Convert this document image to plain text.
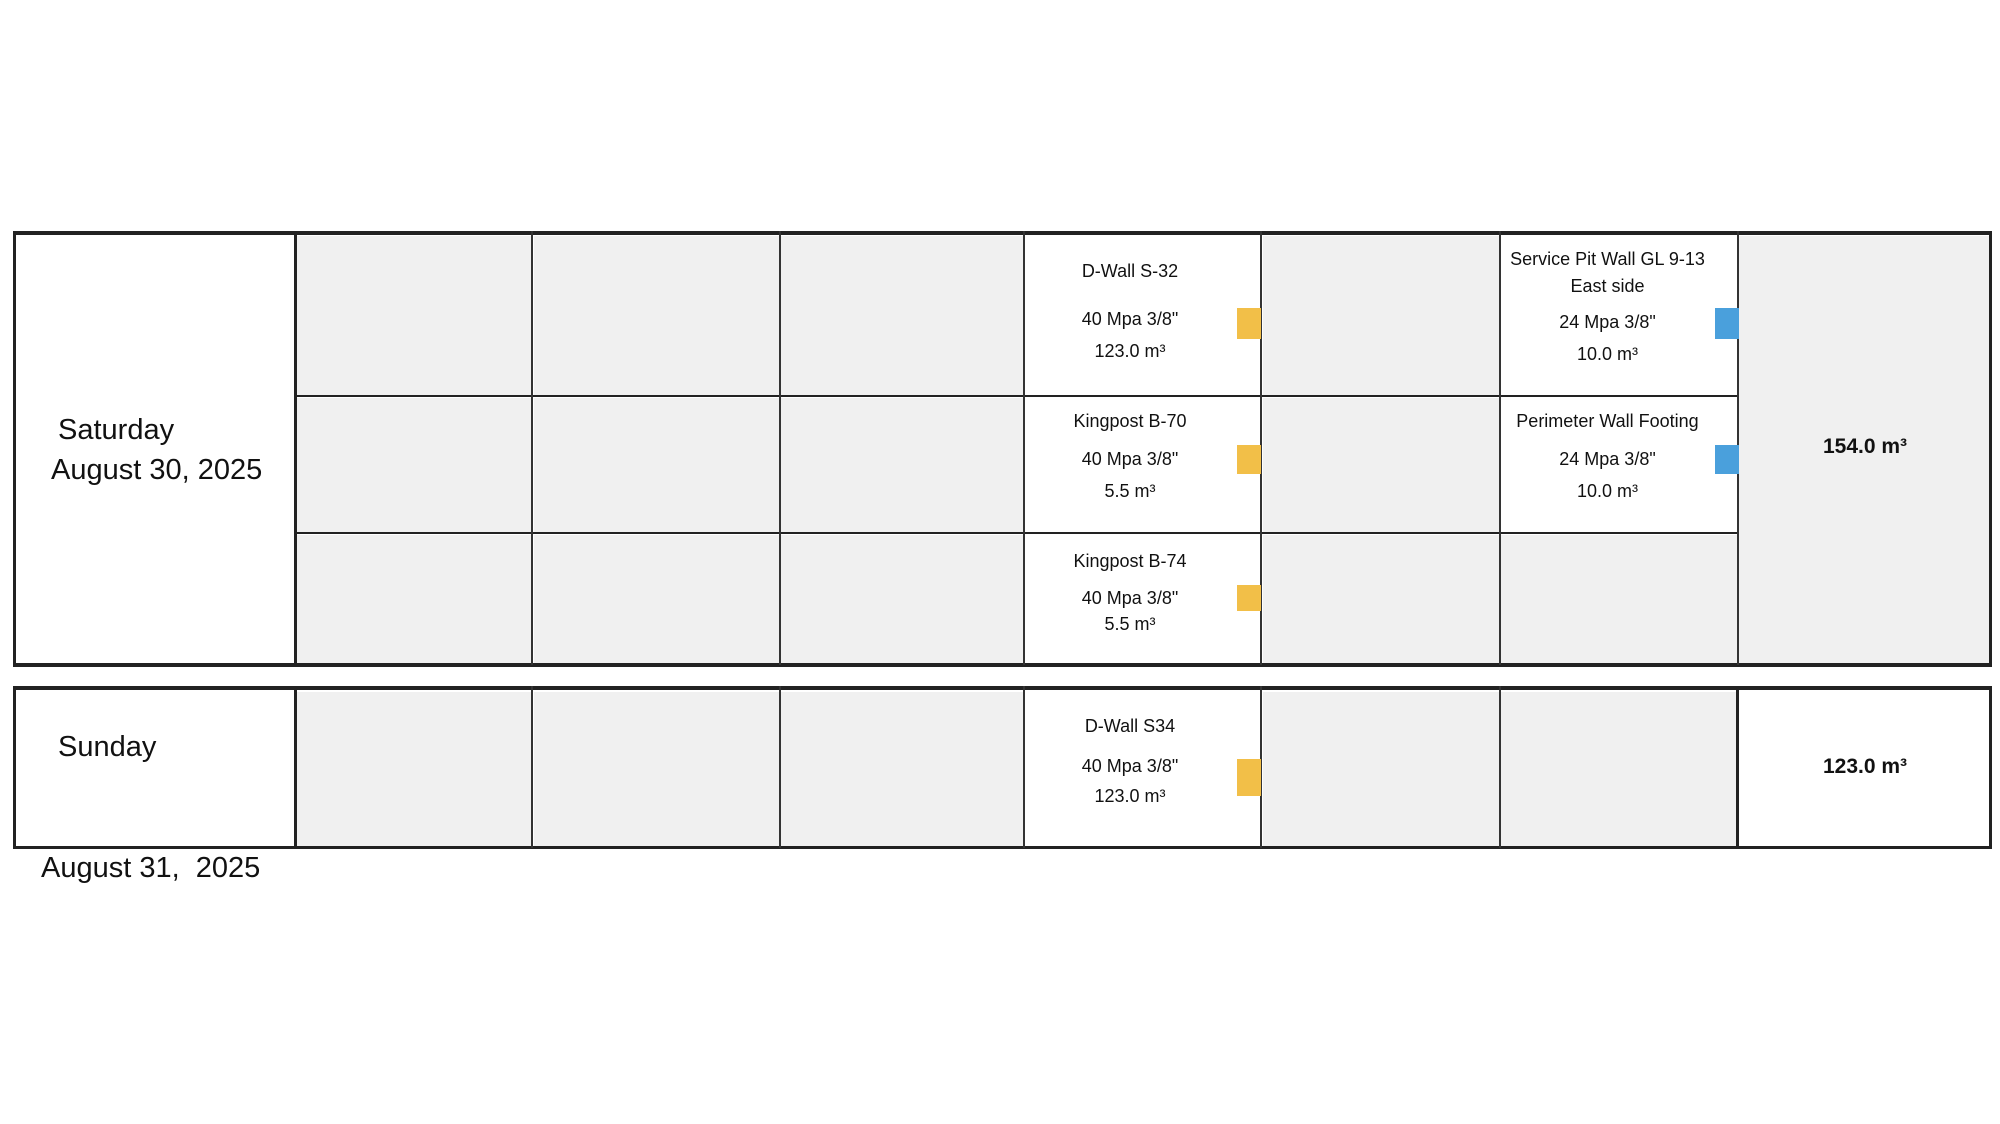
Saturday
August 30, 2025
Sunday

August 31,  2025

D-Wall S-32
40 Mpa 3/8"
123.0 m³
Kingpost B-70
40 Mpa 3/8"
5.5 m³
Kingpost B-74
40 Mpa 3/8"
5.5 m³
Service Pit Wall GL 9-13
East side
24 Mpa 3/8"
10.0 m³
Perimeter Wall Footing
24 Mpa 3/8"
10.0 m³
154.0 m³
D-Wall S34
40 Mpa 3/8"
123.0 m³
123.0 m³
